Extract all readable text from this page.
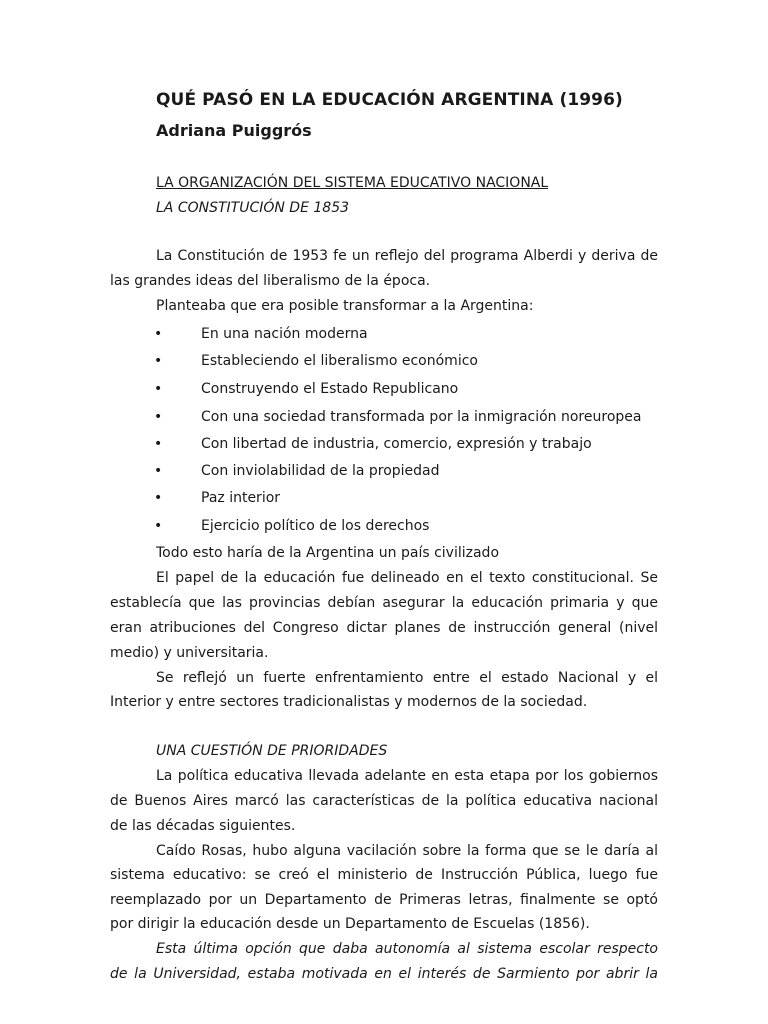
QUÉ PASÓ EN LA EDUCACIÓN ARGENTINA (1996)
Adriana Puiggrós
LA ORGANIZACIÓN DEL SISTEMA EDUCATIVO NACIONAL
LA CONSTITUCIÓN DE 1853
La Constitución de 1953 fe un reflejo del programa Alberdi y deriva de
las grandes ideas del liberalismo de la época.
Planteaba que era posible transformar a la Argentina:
•	En una nación moderna
•	Estableciendo el liberalismo económico
•	Construyendo el Estado Republicano
•	Con una sociedad transformada por la inmigración noreuropea
•	Con libertad de industria, comercio, expresión y trabajo
•	Con inviolabilidad de la propiedad
•	Paz interior
•	Ejercicio político de los derechos
Todo esto haría de la Argentina un país civilizado
El papel de la educación fue delineado en el texto constitucional. Se
establecía que las provincias debían asegurar la educación primaria y que
eran atribuciones del Congreso dictar planes de instrucción general (nivel
medio) y universitaria.
Se reflejó un fuerte enfrentamiento entre el estado Nacional y el
Interior y entre sectores tradicionalistas y modernos de la sociedad.
UNA CUESTIÓN DE PRIORIDADES
La política educativa llevada adelante en esta etapa por los gobiernos
de Buenos Aires marcó las características de la política educativa nacional
de las décadas siguientes.
Caído Rosas, hubo alguna vacilación sobre la forma que se le daría al
sistema educativo: se creó el ministerio de Instrucción Pública, luego fue
reemplazado por un Departamento de Primeras letras, finalmente se optó
por dirigir la educación desde un Departamento de Escuelas (1856).
Esta última opción que daba autonomía al sistema escolar respecto
de la Universidad, estaba motivada en el interés de Sarmiento por abrir la
